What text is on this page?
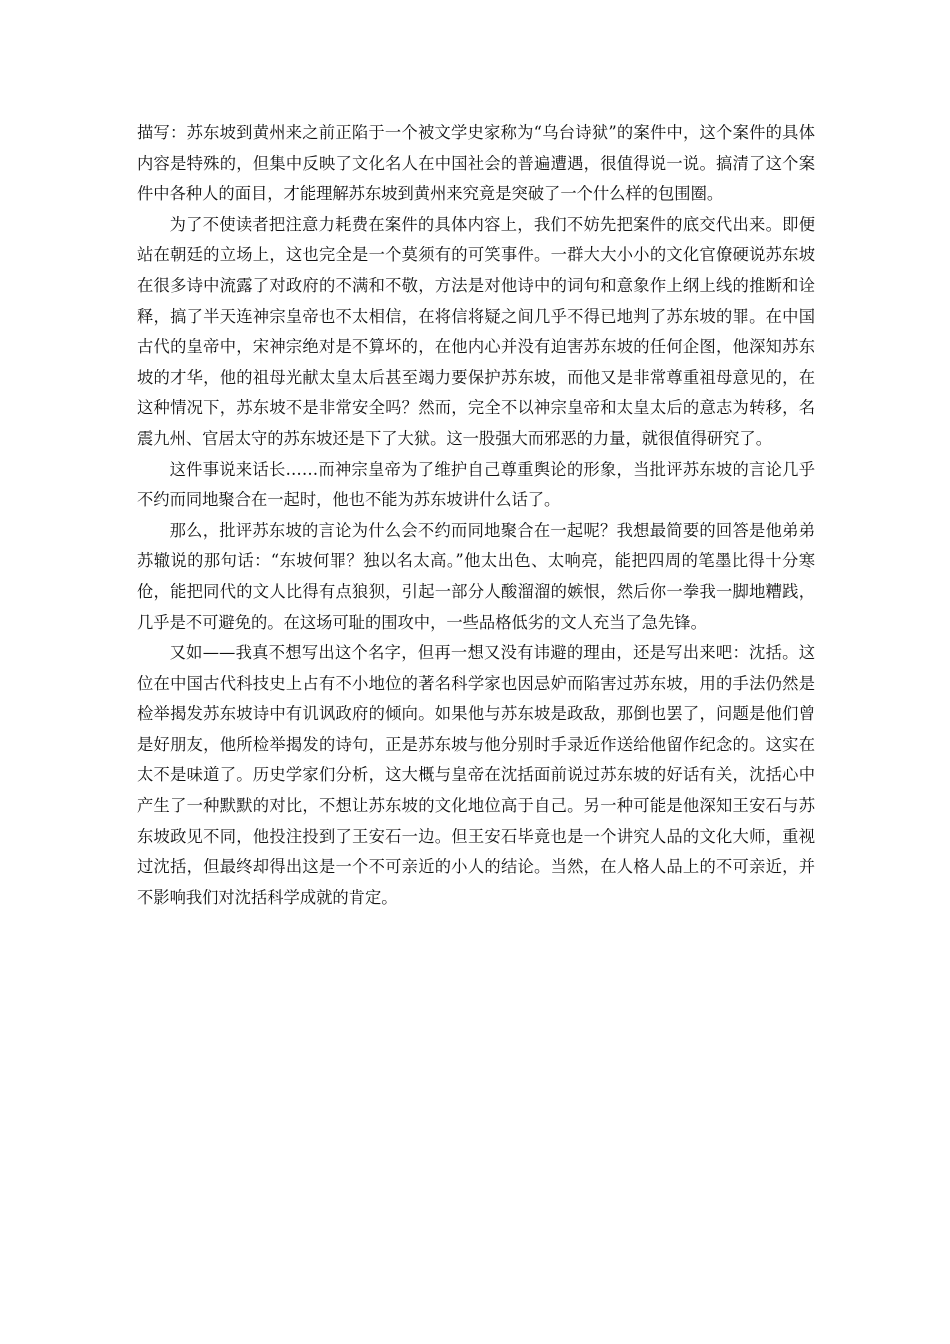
描写：苏东坡到黄州来之前正陷于一个被文学史家称为“乌台诗狱”的案件中，这个案件的具体内容是特殊的，但集中反映了文化名人在中国社会的普遍遭遇，很值得说一说。搞清了这个案件中各种人的面目，才能理解苏东坡到黄州来究竟是突破了一个什么样的包围圈。

为了不使读者把注意力耗费在案件的具体内容上，我们不妨先把案件的底交代出来。即便站在朝廷的立场上，这也完全是一个莫须有的可笑事件。一群大大小小的文化官僚硬说苏东坡在很多诗中流露了对政府的不满和不敬，方法是对他诗中的词句和意象作上纲上线的推断和诠释，搞了半天连神宗皇帝也不太相信，在将信将疑之间几乎不得已地判了苏东坡的罪。在中国古代的皇帝中，宋神宗绝对是不算坏的，在他内心并没有迫害苏东坡的任何企图，他深知苏东坡的才华，他的祖母光献太皇太后甚至竭力要保护苏东坡，而他又是非常尊重祖母意见的，在这种情况下，苏东坡不是非常安全吗？然而，完全不以神宗皇帝和太皇太后的意志为转移，名震九州、官居太守的苏东坡还是下了大狱。这一股强大而邪恶的力量，就很值得研究了。

这件事说来话长……而神宗皇帝为了维护自己尊重舆论的形象，当批评苏东坡的言论几乎不约而同地聚合在一起时，他也不能为苏东坡讲什么话了。

那么，批评苏东坡的言论为什么会不约而同地聚合在一起呢？我想最简要的回答是他弟弟苏辙说的那句话：“东坡何罪？独以名太高。”他太出色、太响亮，能把四周的笔墨比得十分寒伧，能把同代的文人比得有点狼狈，引起一部分人酸溜溜的嫉恨，然后你一拳我一脚地糟践，几乎是不可避免的。在这场可耻的围攻中，一些品格低劣的文人充当了急先锋。

又如——我真不想写出这个名字，但再一想又没有讳避的理由，还是写出来吧：沈括。这位在中国古代科技史上占有不小地位的著名科学家也因忌妒而陷害过苏东坡，用的手法仍然是检举揭发苏东坡诗中有讥讽政府的倾向。如果他与苏东坡是政敌，那倒也罢了，问题是他们曾是好朋友，他所检举揭发的诗句，正是苏东坡与他分别时手录近作送给他留作纪念的。这实在太不是味道了。历史学家们分析，这大概与皇帝在沈括面前说过苏东坡的好话有关，沈括心中产生了一种默默的对比，不想让苏东坡的文化地位高于自己。另一种可能是他深知王安石与苏东坡政见不同，他投注投到了王安石一边。但王安石毕竟也是一个讲究人品的文化大师，重视过沈括，但最终却得出这是一个不可亲近的小人的结论。当然，在人格人品上的不可亲近，并不影响我们对沈括科学成就的肯定。
